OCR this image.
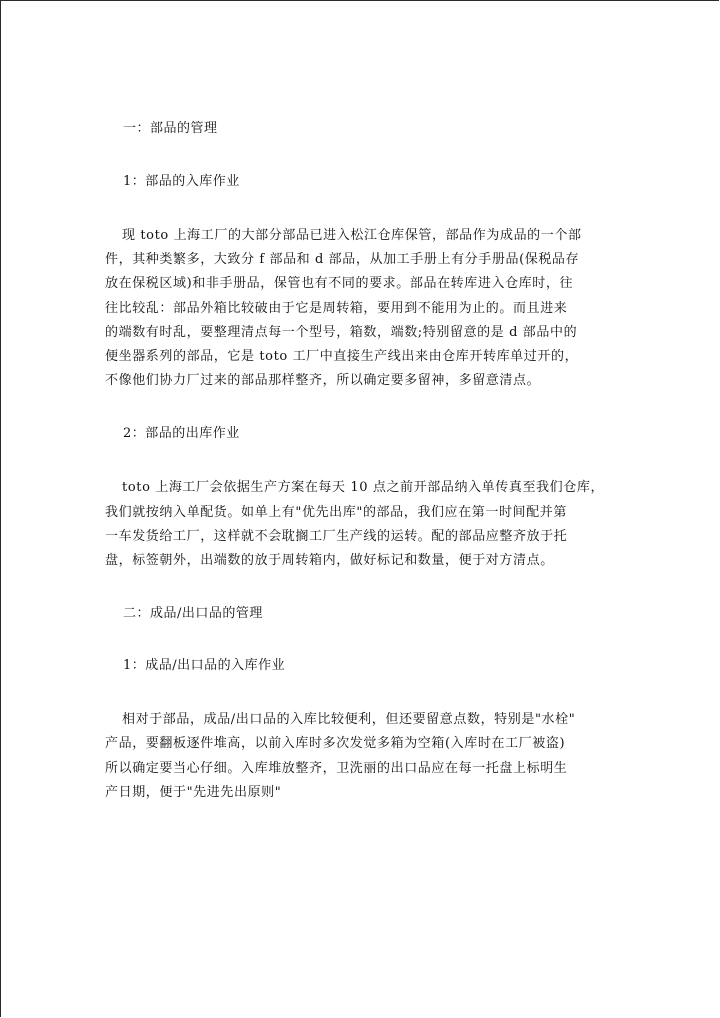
一：部品的管理

1：部品的入库作业

现 toto 上海工厂的大部分部品已进入松江仓库保管，部品作为成品的一个部
件，其种类繁多，大致分 f 部品和 d 部品，从加工手册上有分手册品(保税品存
放在保税区域)和非手册品，保管也有不同的要求。部品在转库进入仓库时，往
往比较乱：部品外箱比较破由于它是周转箱，要用到不能用为止的。而且进来
的端数有时乱，要整理清点每一个型号，箱数，端数;特别留意的是 d 部品中的
便坐器系列的部品，它是 toto 工厂中直接生产线出来由仓库开转库单过开的，
不像他们协力厂过来的部品那样整齐，所以确定要多留神，多留意清点。

2：部品的出库作业

toto 上海工厂会依据生产方案在每天 10 点之前开部品纳入单传真至我们仓库，
我们就按纳入单配货。如单上有"优先出库"的部品，我们应在第一时间配并第
一车发货给工厂，这样就不会耽搁工厂生产线的运转。配的部品应整齐放于托
盘，标签朝外，出端数的放于周转箱内，做好标记和数量，便于对方清点。

二：成品/出口品的管理

1：成品/出口品的入库作业

相对于部品，成品/出口品的入库比较便利，但还要留意点数，特别是"水栓"
产品，要翻板逐件堆高，以前入库时多次发觉多箱为空箱(入库时在工厂被盗)
所以确定要当心仔细。入库堆放整齐，卫洗丽的出口品应在每一托盘上标明生
产日期，便于"先进先出原则"
